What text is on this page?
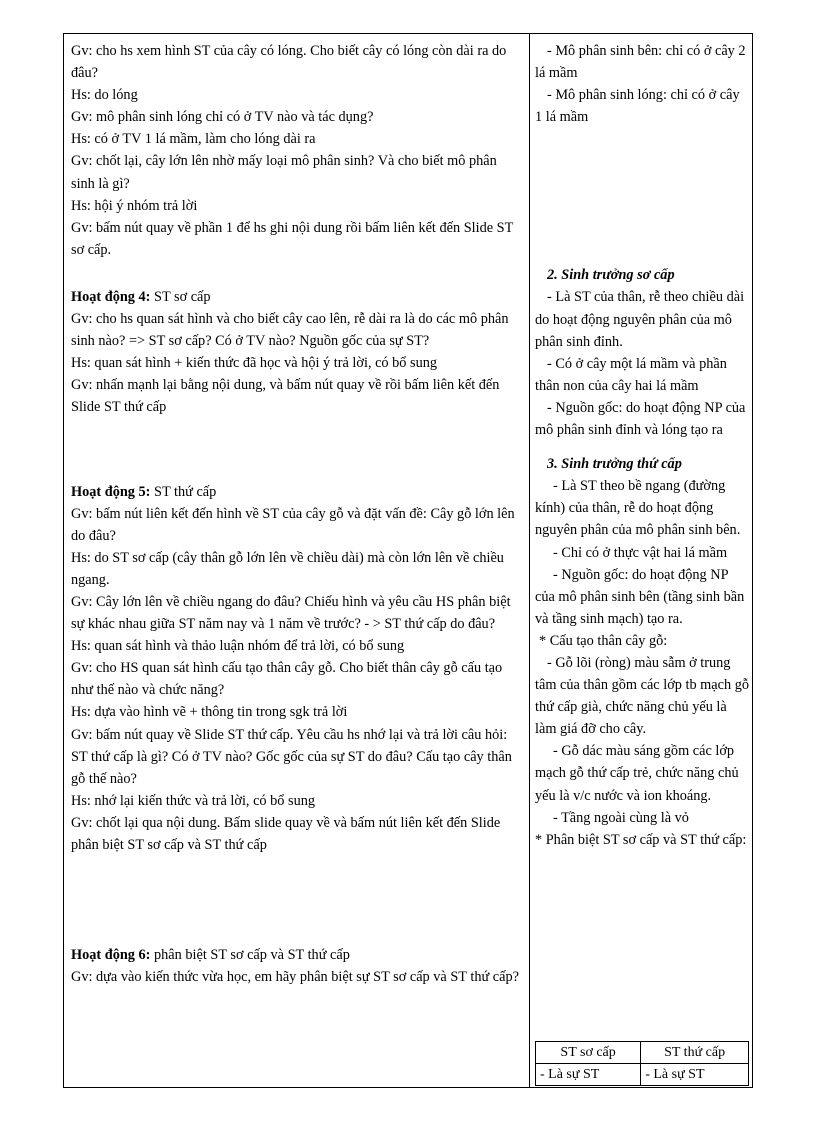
Gv: cho hs xem hình ST của cây có lóng. Cho biết cây có lóng còn dài ra do đâu?

Hs: do lóng

Gv: mô phân sinh lóng chỉ có ở TV nào và tác dụng?

Hs: có ở TV 1 lá mầm, làm cho lóng dài ra

Gv: chốt lại, cây lớn lên nhờ mấy loại mô phân sinh? Và cho biết mô phân sinh là gì?

Hs: hội ý nhóm trả lời

Gv: bấm nút quay về phần 1 để hs ghi nội dung rồi bấm liên kết đến Slide ST sơ cấp.

Hoạt động 4: ST sơ cấp

Gv: cho hs quan sát hình và cho biết cây cao lên, rễ dài ra là do các mô phân sinh nào? => ST sơ cấp? Có ở TV nào? Nguồn gốc của sự ST?

Hs: quan sát hình + kiến thức đã học và hội ý trả lời, có bổ sung

Gv: nhấn mạnh lại bằng nội dung, và bấm nút quay về rồi bấm liên kết đến Slide ST thứ cấp

Hoạt động 5: ST thứ cấp

Gv: bấm nút liên kết đến hình về ST của cây gỗ và đặt vấn đề: Cây gỗ lớn lên do đâu?

Hs: do ST sơ cấp (cây thân gỗ lớn lên về chiều dài) mà còn lớn lên về chiều ngang.

Gv: Cây lớn lên về chiều ngang do đâu? Chiếu hình và yêu cầu HS phân biệt sự khác nhau giữa ST năm nay và 1 năm về trước? - > ST thứ cấp do đâu?

Hs: quan sát hình và thảo luận nhóm để trả lời, có bổ sung

Gv: cho HS quan sát hình cấu tạo thân cây gỗ. Cho biết thân cây gỗ cấu tạo như thế nào và chức năng?

Hs: dựa vào hình vẽ + thông tin trong sgk trả lời

Gv: bấm nút quay về Slide ST thứ cấp. Yêu cầu hs nhớ lại và trả lời câu hỏi:

ST thứ cấp là gì? Có ở TV nào? Gốc gốc của sự ST do đâu? Cấu tạo cây thân gỗ thế nào?

Hs: nhớ lại kiến thức và trả lời, có bổ sung

Gv: chốt lại qua nội dung. Bấm slide quay về và bấm nút liên kết đến Slide phân biệt ST sơ cấp và ST thứ cấp

Hoạt động 6: phân biệt ST sơ cấp và ST thứ cấp

Gv: dựa vào kiến thức vừa học, em hãy phân biệt sự ST sơ cấp và ST thứ cấp?

- Mô phân sinh bên: chỉ có ở cây 2 lá mầm

- Mô phân sinh lóng: chỉ có ở cây 1 lá mầm

2. Sinh trưởng sơ cấp

- Là ST của thân, rễ theo chiều dài do hoạt động nguyên phân của mô phân sinh đỉnh.

- Có ở cây một lá mầm và phần thân non của cây hai lá mầm

- Nguồn gốc: do hoạt động NP của mô phân sinh đỉnh và lóng tạo ra

3. Sinh trưởng thứ cấp

- Là ST theo bề ngang (đường kính) của thân, rễ do hoạt động nguyên phân của mô phân sinh bên.

- Chỉ có ở thực vật hai lá mầm

- Nguồn gốc: do hoạt động NP của mô phân sinh bên (tầng sinh bần và tầng sinh mạch) tạo ra.

* Cấu tạo thân cây gỗ:

- Gỗ lõi (ròng) màu sẫm ở trung tâm của thân gồm các lớp tb mạch gỗ thứ cấp già, chức năng chủ yếu là làm giá đỡ cho cây.

- Gỗ dác màu sáng gồm các lớp mạch gỗ thứ cấp trẻ, chức năng chủ yếu là v/c nước và ion khoáng.

- Tầng ngoài cùng là vỏ

* Phân biệt ST sơ cấp và ST thứ cấp:

ST sơ cấp	ST thứ cấp
- Là sự ST	- Là sự ST
